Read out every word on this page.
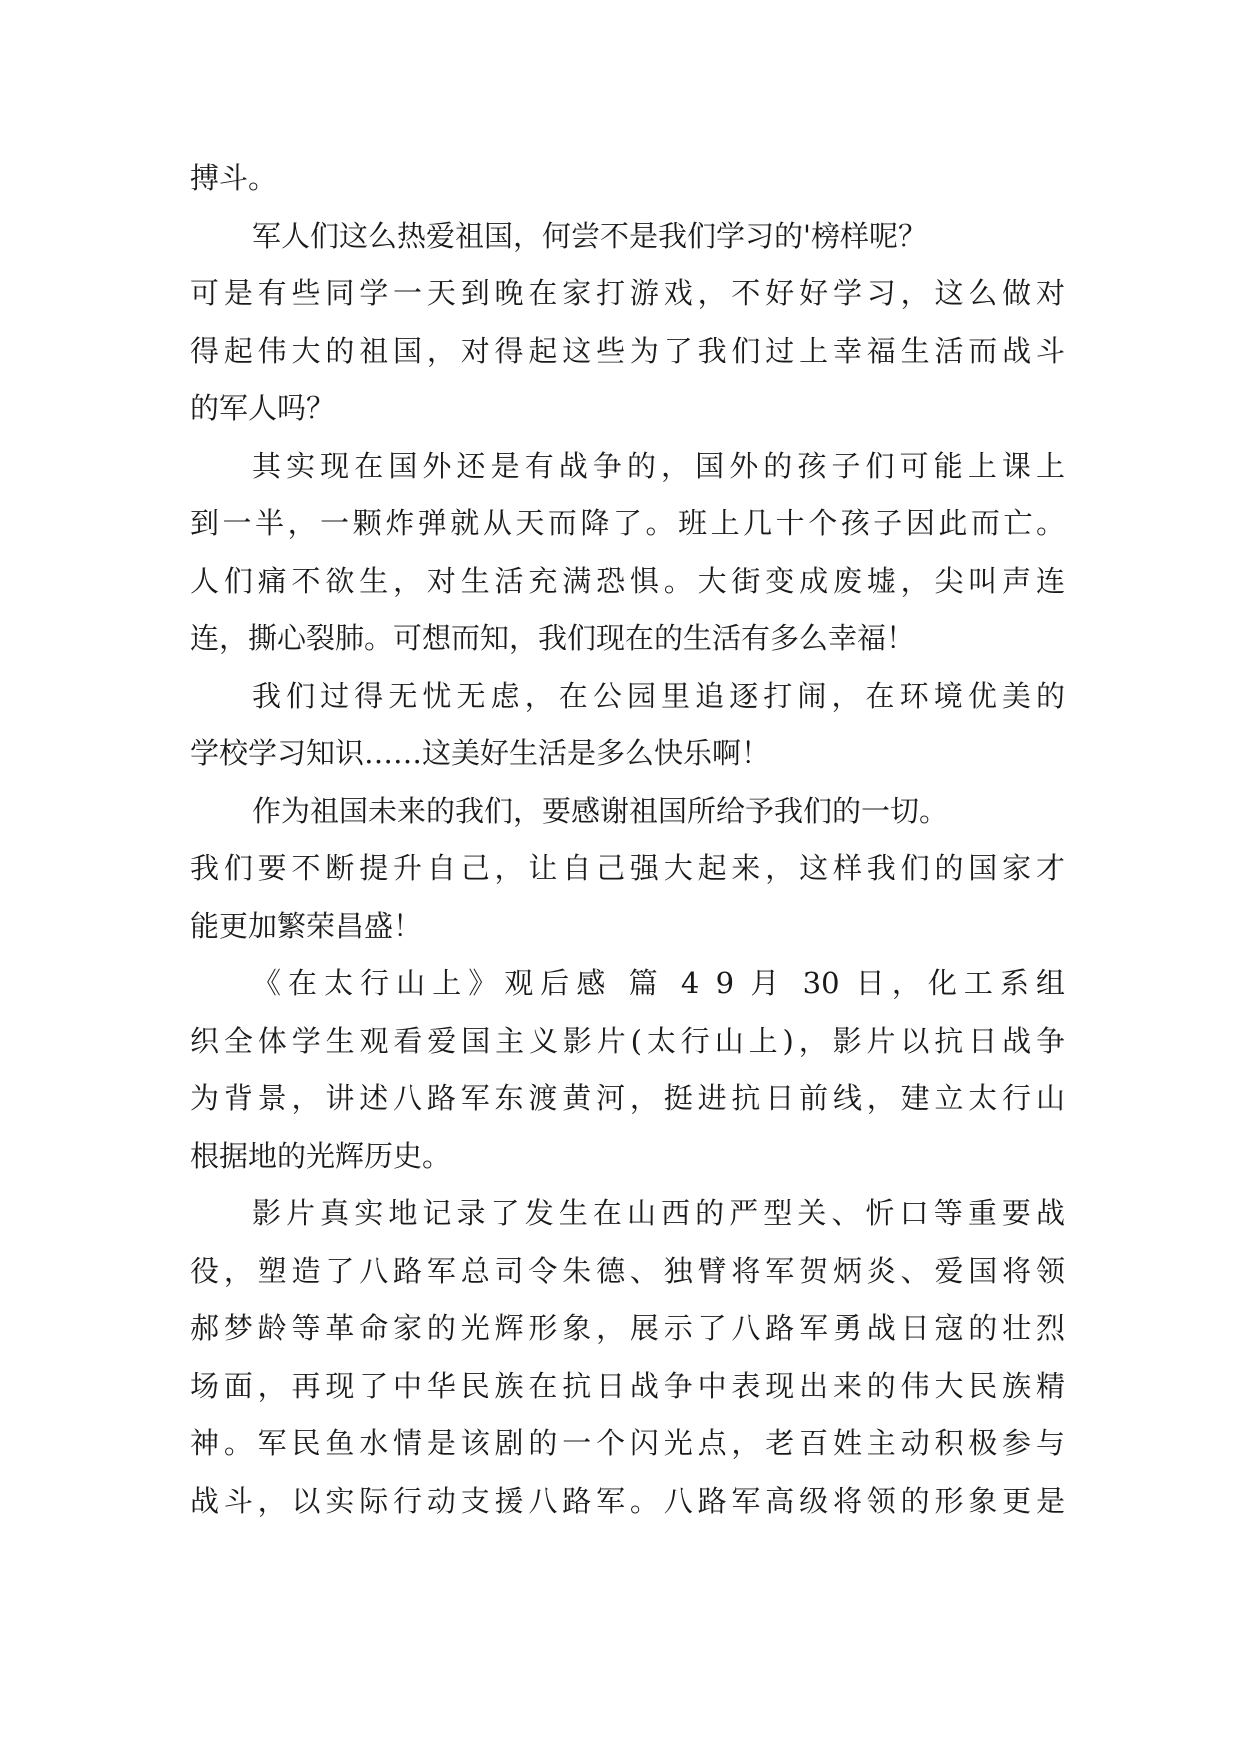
搏斗。
军人们这么热爱祖国，何尝不是我们学习的'榜样呢？
可是有些同学一天到晚在家打游戏，不好好学习，这么做对
得起伟大的祖国，对得起这些为了我们过上幸福生活而战斗
的军人吗？
其实现在国外还是有战争的，国外的孩子们可能上课上
到一半，一颗炸弹就从天而降了。班上几十个孩子因此而亡。
人们痛不欲生，对生活充满恐惧。大街变成废墟，尖叫声连
连，撕心裂肺。可想而知，我们现在的生活有多么幸福！
我们过得无忧无虑，在公园里追逐打闹，在环境优美的
学校学习知识……这美好生活是多么快乐啊！
作为祖国未来的我们，要感谢祖国所给予我们的一切。
我们要不断提升自己，让自己强大起来，这样我们的国家才
能更加繁荣昌盛！
《在太行山上》观后感 篇 4 9 月 30 日，化工系组
织全体学生观看爱国主义影片(太行山上)，影片以抗日战争
为背景，讲述八路军东渡黄河，挺进抗日前线，建立太行山
根据地的光辉历史。
影片真实地记录了发生在山西的严型关、忻口等重要战
役，塑造了八路军总司令朱德、独臂将军贺炳炎、爱国将领
郝梦龄等革命家的光辉形象，展示了八路军勇战日寇的壮烈
场面，再现了中华民族在抗日战争中表现出来的伟大民族精
神。军民鱼水情是该剧的一个闪光点，老百姓主动积极参与
战斗，以实际行动支援八路军。八路军高级将领的形象更是
